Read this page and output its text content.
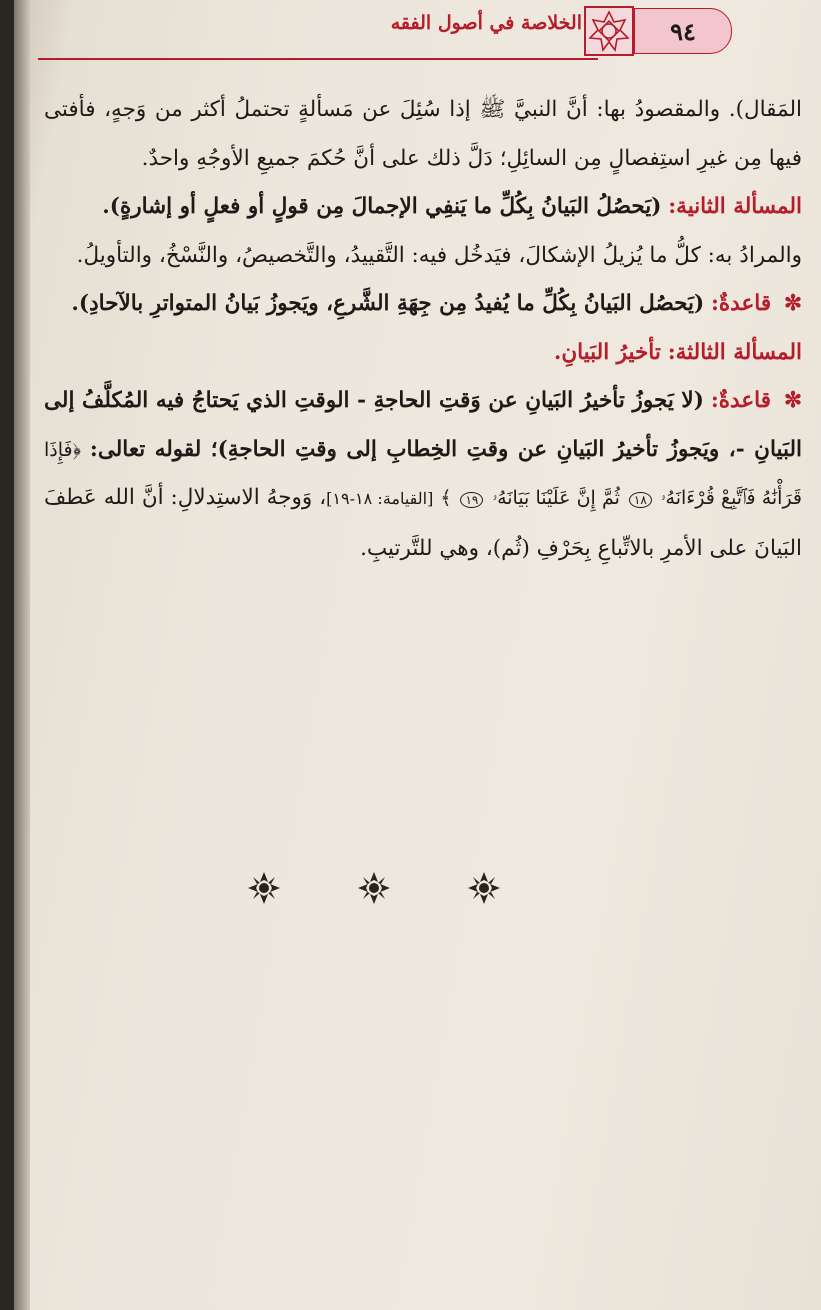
الخلاصة في أصول الفقه	٩٤

المَقال). والمقصودُ بها: أنَّ النبيَّ ﷺ إذا سُئِلَ عن مَسألةٍ تحتملُ أكثر من وَجهٍ، فأفتى فيها مِن غيرِ استِفصالٍ مِن السائِلِ؛ دَلَّ ذلك على أنَّ حُكمَ جميعِ الأوجُهِ واحدٌ.

المسألة الثانية: (يَحصُلُ البَيانُ بِكُلِّ ما يَنفِي الإجمالَ مِن قولٍ أو فعلٍ أو إشارةٍ).

والمرادُ به: كلُّ ما يُزيلُ الإشكالَ، فيَدخُل فيه: التَّقييدُ، والتَّخصيصُ، والنَّسْخُ، والتأويلُ.

✼ قاعدةٌ: (يَحصُل البَيانُ بِكُلِّ ما يُفيدُ مِن جِهَةِ الشَّرعِ، ويَجوزُ بَيانُ المتواترِ بالآحادِ).

المسألة الثالثة: تأخيرُ البَيانِ.

✼ قاعدةٌ: (لا يَجوزُ تأخيرُ البَيانِ عن وَقتِ الحاجةِ - الوقتِ الذي يَحتاجُ فيه المُكلَّفُ إلى البَيانِ -، ويَجوزُ تأخيرُ البَيانِ عن وقتِ الخِطابِ إلى وقتِ الحاجةِ)؛ لقوله تعالى: ﴿فَإِذَا قَرَأْنَٰهُ فَٱتَّبِعْ قُرْءَانَهُۥ ١٨ ثُمَّ إِنَّ عَلَيْنَا بَيَانَهُۥ ١٩ ﴾ [القيامة: ١٨-١٩]، وَوجهُ الاستِدلالِ: أنَّ الله عَطفَ البَيانَ على الأمرِ بالاتِّباعِ بِحَرْفِ (ثُم)، وهي للتَّرتيبِ.
